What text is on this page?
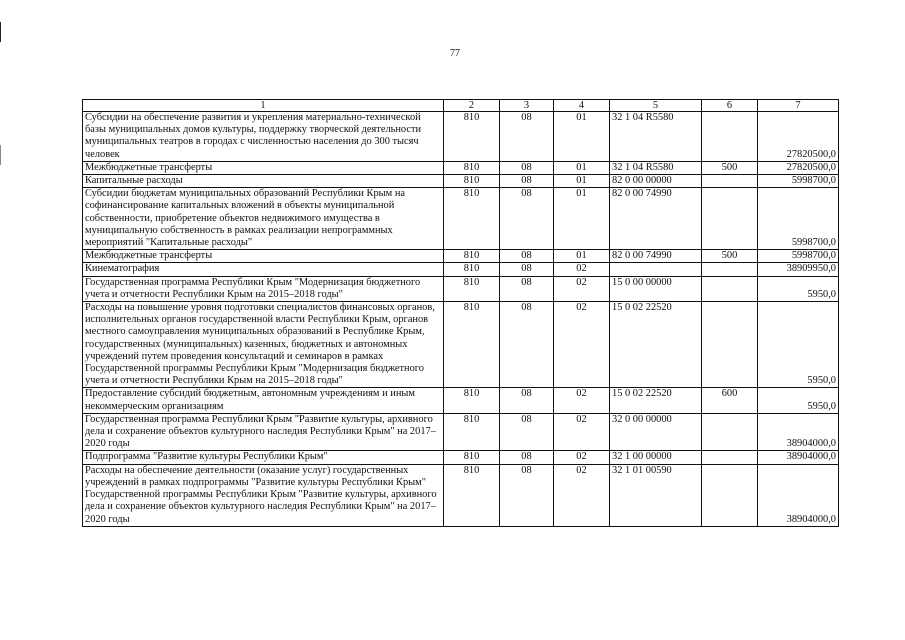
77
1	2	3	4	5	6	7
Субсидии на обеспечение развития и укрепления материально-технической базы муниципальных домов культуры, поддержку творческой деятельности муниципальных театров в городах с численностью населения до 300 тысяч человек	810	08	01	32 1 04 R5580		27820500,0
Межбюджетные трансферты	810	08	01	32 1 04 R5580	500	27820500,0
Капитальные расходы	810	08	01	82 0 00 00000		5998700,0
Субсидии бюджетам муниципальных образований Республики Крым на софинансирование капитальных вложений в объекты муниципальной собственности, приобретение объектов недвижимого имущества в муниципальную собственность в рамках реализации непрограммных мероприятий "Капитальные расходы"	810	08	01	82 0 00 74990		5998700,0
Межбюджетные трансферты	810	08	01	82 0 00 74990	500	5998700,0
Кинематография	810	08	02			38909950,0
Государственная программа Республики Крым "Модернизация бюджетного учета и отчетности Республики Крым на 2015–2018 годы"	810	08	02	15 0 00 00000		5950,0
Расходы на повышение уровня подготовки специалистов финансовых органов, исполнительных органов государственной власти Республики Крым, органов местного самоуправления муниципальных образований в Республике Крым, государственных (муниципальных) казенных, бюджетных и автономных учреждений путем проведения консультаций и семинаров в рамках Государственной программы Республики Крым "Модернизация бюджетного учета и отчетности Республики Крым на 2015–2018 годы"	810	08	02	15 0 02 22520		5950,0
Предоставление субсидий бюджетным, автономным учреждениям и иным некоммерческим организациям	810	08	02	15 0 02 22520	600	5950,0
Государственная программа Республики Крым "Развитие культуры, архивного дела и сохранение объектов культурного наследия Республики Крым" на 2017–2020 годы	810	08	02	32 0 00 00000		38904000,0
Подпрограмма "Развитие культуры Республики Крым"	810	08	02	32 1 00 00000		38904000,0
Расходы на обеспечение деятельности (оказание услуг) государственных учреждений в рамках подпрограммы "Развитие культуры Республики Крым" Государственной программы Республики Крым "Развитие культуры, архивного дела и сохранение объектов культурного наследия Республики Крым" на 2017–2020 годы	810	08	02	32 1 01 00590		38904000,0
